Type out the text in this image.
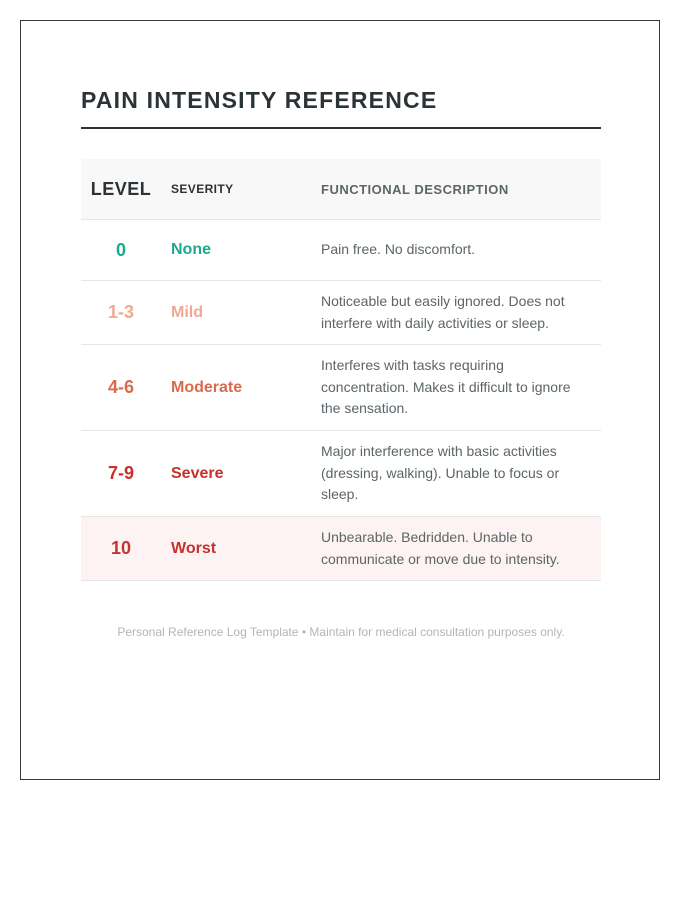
PAIN INTENSITY REFERENCE
LEVEL	SEVERITY	FUNCTIONAL DESCRIPTION
0	None	Pain free. No discomfort.
1-3	Mild	Noticeable but easily ignored. Does not interfere with daily activities or sleep.
4-6	Moderate	Interferes with tasks requiring concentration. Makes it difficult to ignore the sensation.
7-9	Severe	Major interference with basic activities (dressing, walking). Unable to focus or sleep.
10	Worst	Unbearable. Bedridden. Unable to communicate or move due to intensity.
Personal Reference Log Template • Maintain for medical consultation purposes only.
